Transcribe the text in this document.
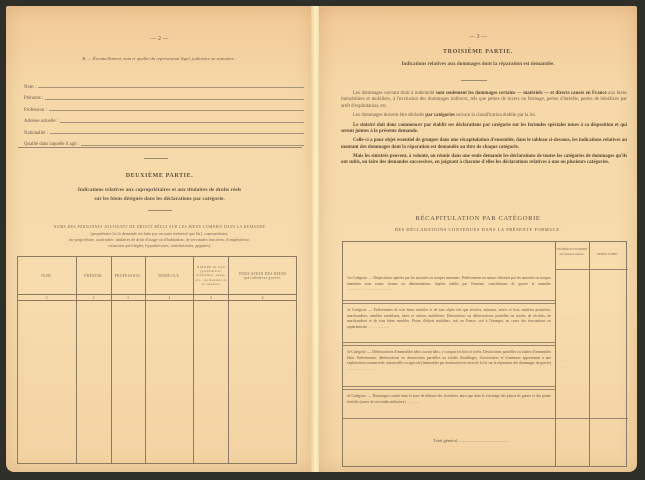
— 2 —
B. — Éventuellement, nom et qualité du représentant légal, judiciaire ou statutaire :
Nom :
Prénoms :
Profession :
Adresse actuelle :
Nationalité :
Qualité dans laquelle il agit :
DEUXIÈME PARTIE.
Indications relatives aux copropriétaires et aux titulaires de droits réels
sur les biens désignés dans les déclarations par catégorie.
NOMS DES PERSONNES JOUISSANT DE DROITS RÉELS SUR LES BIENS COMPRIS DANS LA DEMANDE
(propriétaire [si la demande est faite par un autre intéressé que lui], copropriétaire,
nu-propriétaire, usufruitier, titulaires de droit d'usage ou d'habitation, de servitudes foncières, d'emphytéose,
créanciers privilégiés, hypothécaires, antichrésistes, gagistes).
NOM.	PRÉNOM.	PROFESSION.	DOMICILE.	NATURE du droit (propriétaire, usufruitier, usage, etc., ou montant de la créance).	INDICATION DES BIENS spécialement grevés.
1	2	3	4	5	6

— 3 —
TROISIÈME PARTIE.
Indications relatives aux dommages dont la réparation est demandée.

Les dommages ouvrant droit à indemnité sont seulement les dommages certains — matériels — et directs causés en France aux biens immobiliers et mobiliers, à l'exclusion des dommages indirects, tels que pertes de loyers ou fermage, pertes d'intérêts, pertes de bénéfices par arrêt d'exploitation, etc.

Les dommages doivent être déclarés par catégories suivant la classification établie par la loi.

Le sinistré doit donc commencer par établir ses déclarations par catégorie sur les formules spéciales mises à sa disposition et qui seront jointes à la présente demande.

Celle-ci a pour objet essentiel de grouper dans une récapitulation d'ensemble, dans le tableau ci-dessous, les indications relatives au montant des dommages dont la réparation est demandée au titre de chaque catégorie.

Mais les sinistrés peuvent, à volonté, ou réunir dans une seule demande les déclarations de toutes les catégories de dommages qu'ils ont subis, ou faire des demandes successives, en joignant à chacune d'elles les déclarations relatives à une ou plusieurs catégories.

RÉCAPITULATION PAR CATÉGORIE
DES DÉCLARATIONS CONTENUES DANS LA PRÉSENTE FORMULE.
NUMÉROS D'ORDRE de l'annexe remise.	PERTE SUBIE.
1re Catégorie. — Réquisitions opérées par les autorités ou troupes ennemies. Prélèvements en nature effectués par les autorités ou troupes ennemies sous toutes formes ou dénominations. Impôts établis par l'ennemi, contributions de guerre et amendes ..............................
2e Catégorie. — Enlèvements de tous biens meubles et de tous objets tels que récoltes, animaux, arbres et bois, matières premières, marchandises, meubles meublants, titres et valeurs mobilières. Destructions ou détériorations partielles ou totales de récoltes, de marchandises et de tous biens meubles. Pertes d'objets mobiliers, soit en France, soit à l'étranger, au cours des évacuations ou rapatriements ..............
3e Catégorie. — Détériorations d'immeubles bâtis ou non bâtis, y compris les bois et forêts. Destructions partielles ou totales d'immeubles bâtis. Enlèvements, détériorations ou destructions partielles ou totales d'outillages, d'accessoires et d'animaux appartenant à une exploitation commerciale, industrielle ou agricole (immeubles par destination en vertu de la loi sur la réparation des dommages de guerre) ..................
4e Catégorie. — Dommages causés dans la zone de défense des frontières, ainsi que dans le voisinage des places de guerre et des points fortifiés (zones de servitudes militaires) .........
Total général. ...........................................
………
………
